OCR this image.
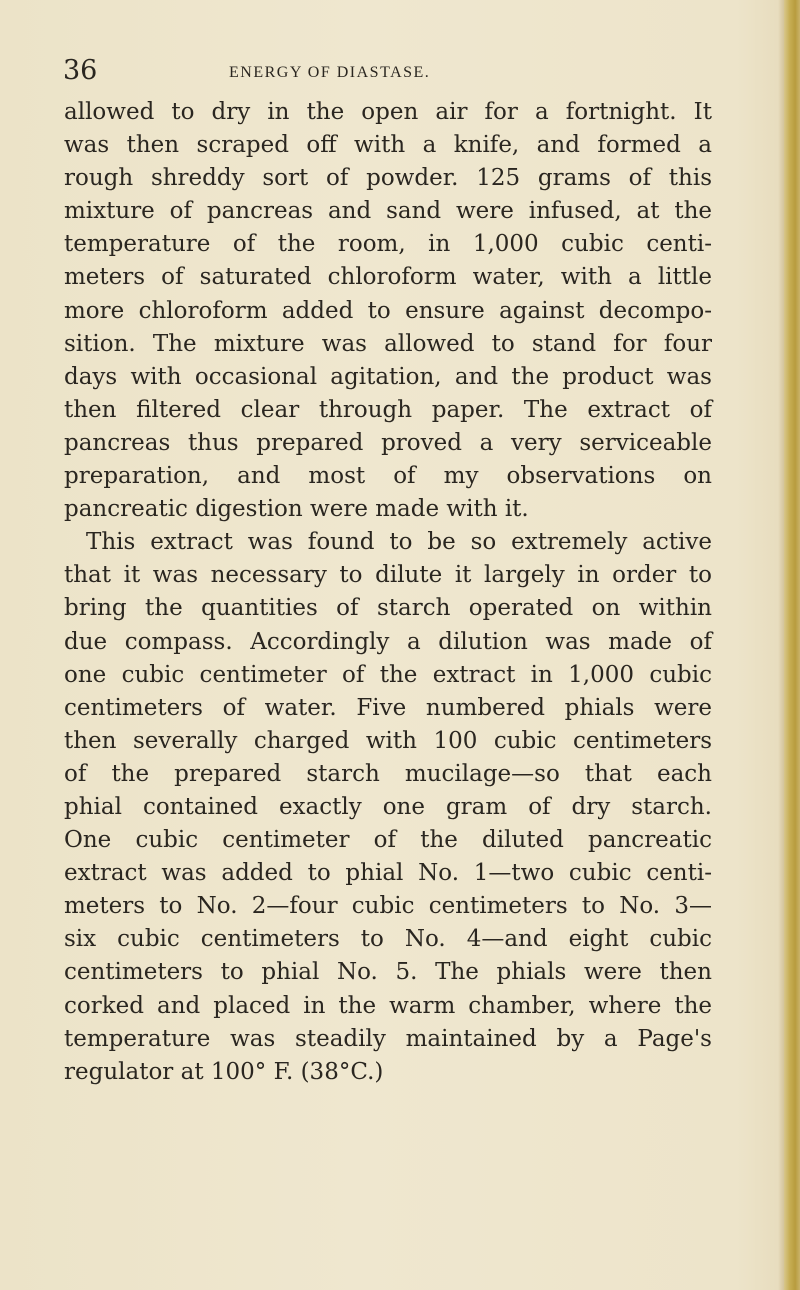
36	ENERGY OF DIASTASE.
allowed to dry in the open air for a fortnight. It
was then scraped off with a knife, and formed a
rough shreddy sort of powder. 125 grams of this
mixture of pancreas and sand were infused, at the
temperature of the room, in 1,000 cubic centi-
meters of saturated chloroform water, with a little
more chloroform added to ensure against decompo-
sition. The mixture was allowed to stand for four
days with occasional agitation, and the product was
then filtered clear through paper. The extract of
pancreas thus prepared proved a very serviceable
preparation, and most of my observations on
pancreatic digestion were made with it.
This extract was found to be so extremely active
that it was necessary to dilute it largely in order to
bring the quantities of starch operated on within
due compass. Accordingly a dilution was made of
one cubic centimeter of the extract in 1,000 cubic
centimeters of water. Five numbered phials were
then severally charged with 100 cubic centimeters
of the prepared starch mucilage—so that each
phial contained exactly one gram of dry starch.
One cubic centimeter of the diluted pancreatic
extract was added to phial No. 1—two cubic centi-
meters to No. 2—four cubic centimeters to No. 3—
six cubic centimeters to No. 4—and eight cubic
centimeters to phial No. 5. The phials were then
corked and placed in the warm chamber, where the
temperature was steadily maintained by a Page's
regulator at 100° F. (38°C.)
